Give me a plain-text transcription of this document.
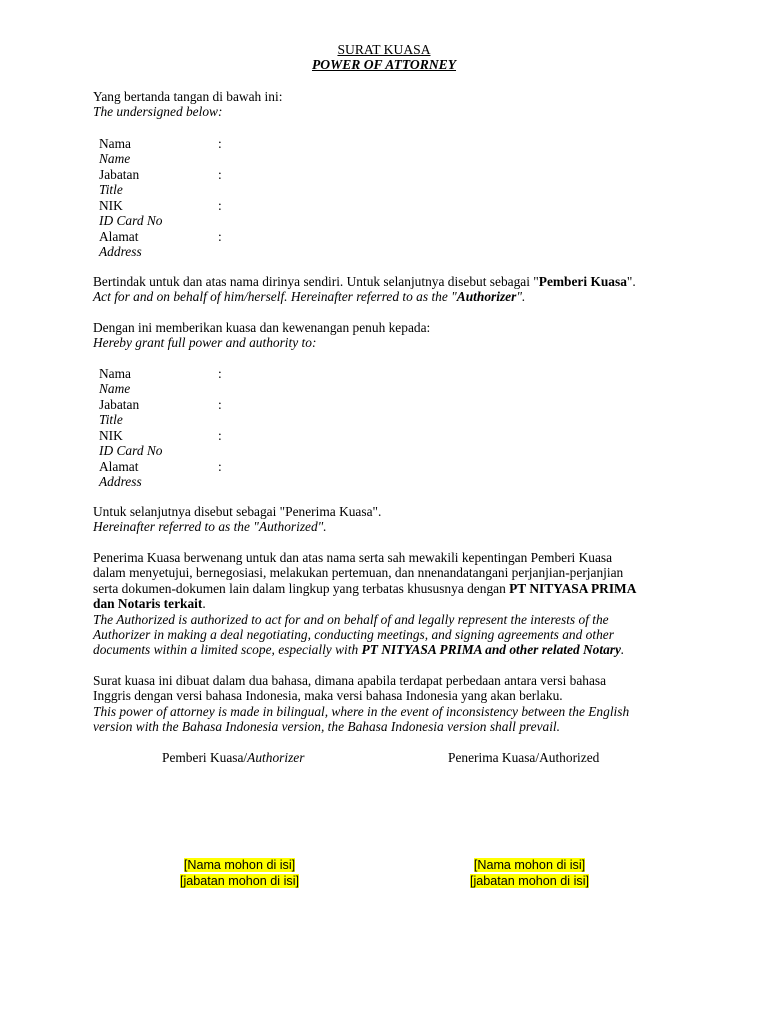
SURAT KUASA
POWER OF ATTORNEY
Yang bertanda tangan di bawah ini:
The undersigned below:
Nama
Name
:
Jabatan
Title
:
NIK
ID Card No
:
Alamat
Address
:
Bertindak untuk dan atas nama dirinya sendiri. Untuk selanjutnya disebut sebagai "Pemberi Kuasa".
Act for and on behalf of him/herself. Hereinafter referred to as the "Authorizer".
Dengan ini memberikan kuasa dan kewenangan penuh kepada:
Hereby grant full power and authority to:
Nama
Name
:
Jabatan
Title
:
NIK
ID Card No
:
Alamat
Address
:
Untuk selanjutnya disebut sebagai "Penerima Kuasa".
Hereinafter referred to as the "Authorized".
Penerima Kuasa berwenang untuk dan atas nama serta sah mewakili kepentingan Pemberi Kuasa
dalam menyetujui, bernegosiasi, melakukan pertemuan, dan nnenandatangani perjanjian-perjanjian
serta dokumen-dokumen lain dalam lingkup yang terbatas khususnya dengan PT NITYASA PRIMA
dan Notaris terkait.
The Authorized is authorized to act for and on behalf of and legally represent the interests of the
Authorizer in making a deal negotiating, conducting meetings, and signing agreements and other
documents within a limited scope, especially with PT NITYASA PRIMA and other related Notary.
Surat kuasa ini dibuat dalam dua bahasa, dimana apabila terdapat perbedaan antara versi bahasa
Inggris dengan versi bahasa Indonesia, maka versi bahasa Indonesia yang akan berlaku.
This power of attorney is made in bilingual, where in the event of inconsistency between the English
version with the Bahasa Indonesia version, the Bahasa Indonesia version shall prevail.
Pemberi Kuasa/Authorizer	Penerima Kuasa/Authorized
[Nama mohon di isi]
[jabatan mohon di isi]
[Nama mohon di isi]
[jabatan mohon di isi]
